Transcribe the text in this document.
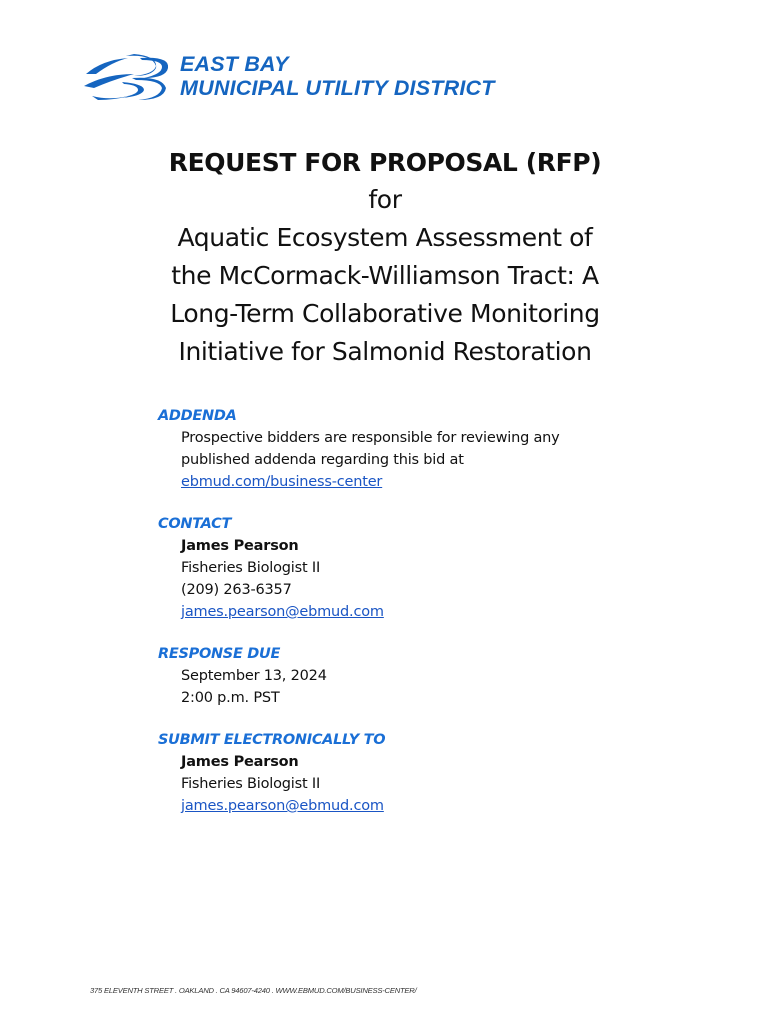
EAST BAY
MUNICIPAL UTILITY DISTRICT
REQUEST FOR PROPOSAL (RFP)
for
Aquatic Ecosystem Assessment of
the McCormack-Williamson Tract: A
Long-Term Collaborative Monitoring
Initiative for Salmonid Restoration
ADDENDA
Prospective bidders are responsible for reviewing any
published addenda regarding this bid at
ebmud.com/business-center
CONTACT
James Pearson
Fisheries Biologist II
(209) 263-6357
james.pearson@ebmud.com
RESPONSE DUE
September 13, 2024
2:00 p.m. PST
SUBMIT ELECTRONICALLY TO
James Pearson
Fisheries Biologist II
james.pearson@ebmud.com
375 ELEVENTH STREET . OAKLAND . CA 94607-4240 . WWW.EBMUD.COM/BUSINESS-CENTER/
